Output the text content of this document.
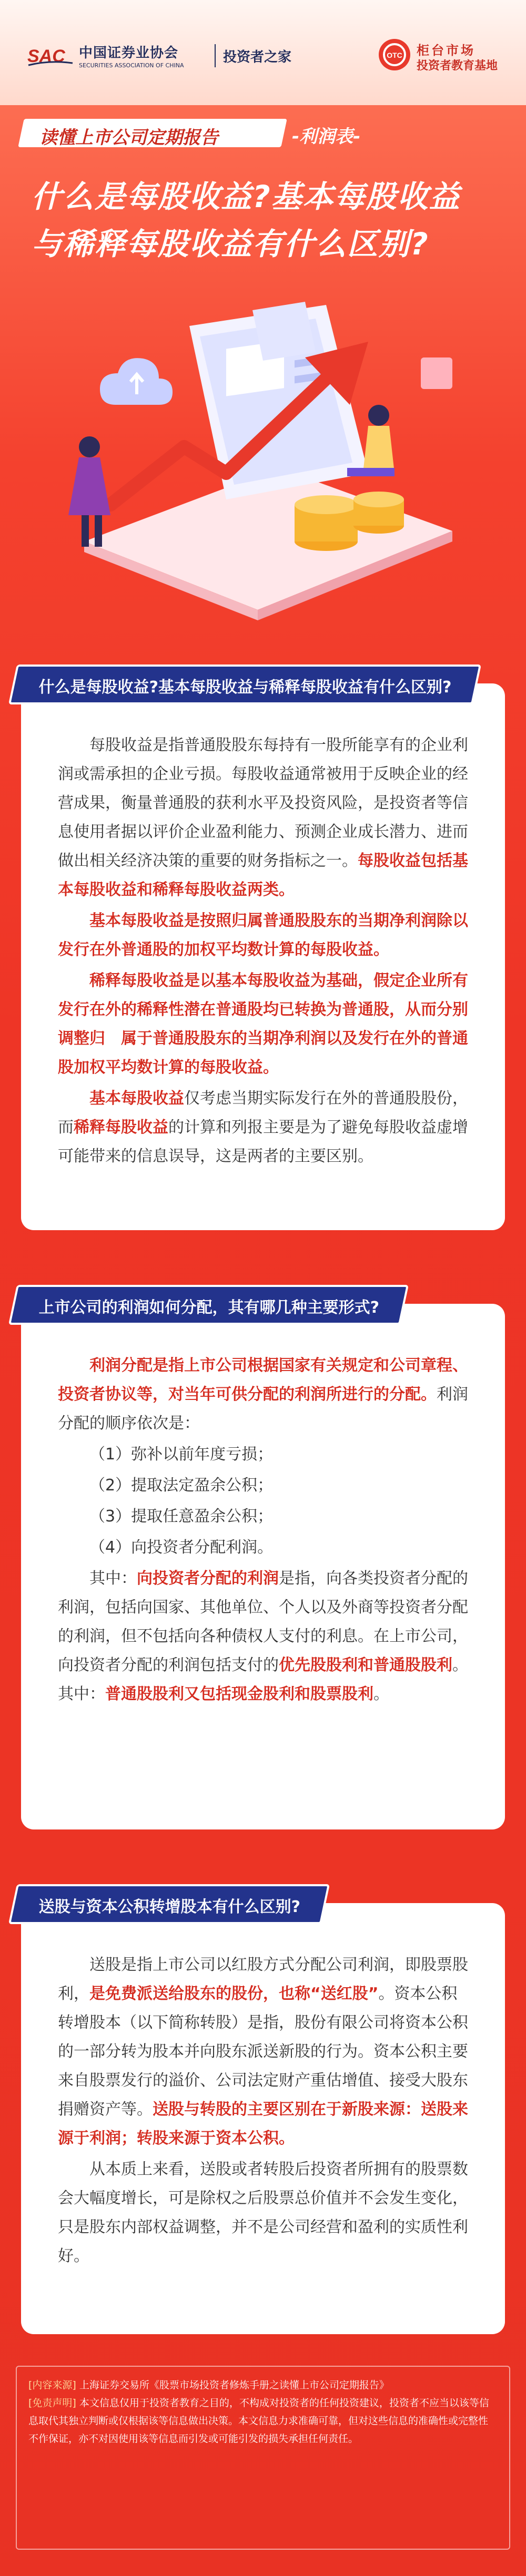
SAC 中国证券业协会
SECURITIES ASSOCIATION OF CHINA
投资者之家	OTC 柜台市场
投资者教育基地
读懂上市公司定期报告	-利润表-
什么是每股收益?基本每股收益
与稀释每股收益有什么区别?
什么是每股收益?基本每股收益与稀释每股收益有什么区别?

每股收益是指普通股股东每持有一股所能享有的企业利润或需承担的企业亏损。每股收益通常被用于反映企业的经营成果，衡量普通股的获利水平及投资风险，是投资者等信息使用者据以评价企业盈利能力、预测企业成长潜力、进而做出相关经济决策的重要的财务指标之一。每股收益包括基本每股收益和稀释每股收益两类。

基本每股收益是按照归属普通股股东的当期净利润除以发行在外普通股的加权平均数计算的每股收益。

稀释每股收益是以基本每股收益为基础，假定企业所有发行在外的稀释性潜在普通股均已转换为普通股，从而分别调整归　属于普通股股东的当期净利润以及发行在外的普通股加权平均数计算的每股收益。

基本每股收益仅考虑当期实际发行在外的普通股股份，而稀释每股收益的计算和列报主要是为了避免每股收益虚增可能带来的信息误导，这是两者的主要区别。

上市公司的利润如何分配，其有哪几种主要形式?

利润分配是指上市公司根据国家有关规定和公司章程、投资者协议等，对当年可供分配的利润所进行的分配。利润分配的顺序依次是：

（1）弥补以前年度亏损；

（2）提取法定盈余公积；

（3）提取任意盈余公积；

（4）向投资者分配利润。

其中：向投资者分配的利润是指，向各类投资者分配的利润，包括向国家、其他单位、个人以及外商等投资者分配的利润，但不包括向各种债权人支付的利息。在上市公司，向投资者分配的利润包括支付的优先股股利和普通股股利。其中：普通股股利又包括现金股利和股票股利。

送股与资本公积转增股本有什么区别?

送股是指上市公司以红股方式分配公司利润，即股票股利，是免费派送给股东的股份，也称“送红股”。资本公积转增股本（以下简称转股）是指，股份有限公司将资本公积的一部分转为股本并向股东派送新股的行为。资本公积主要来自股票发行的溢价、公司法定财产重估增值、接受大股东捐赠资产等。送股与转股的主要区别在于新股来源：送股来源于利润；转股来源于资本公积。

从本质上来看，送股或者转股后投资者所拥有的股票数会大幅度增长，可是除权之后股票总价值并不会发生变化，只是股东内部权益调整，并不是公司经营和盈利的实质性利好。

[内容来源] 上海证券交易所《股票市场投资者修炼手册之读懂上市公司定期报告》
[免责声明] 本文信息仅用于投资者教育之目的，不构成对投资者的任何投资建议，投资者不应当以该等信息取代其独立判断或仅根据该等信息做出决策。本文信息力求准确可靠，但对这些信息的准确性或完整性不作保证，亦不对因使用该等信息而引发或可能引发的损失承担任何责任。
